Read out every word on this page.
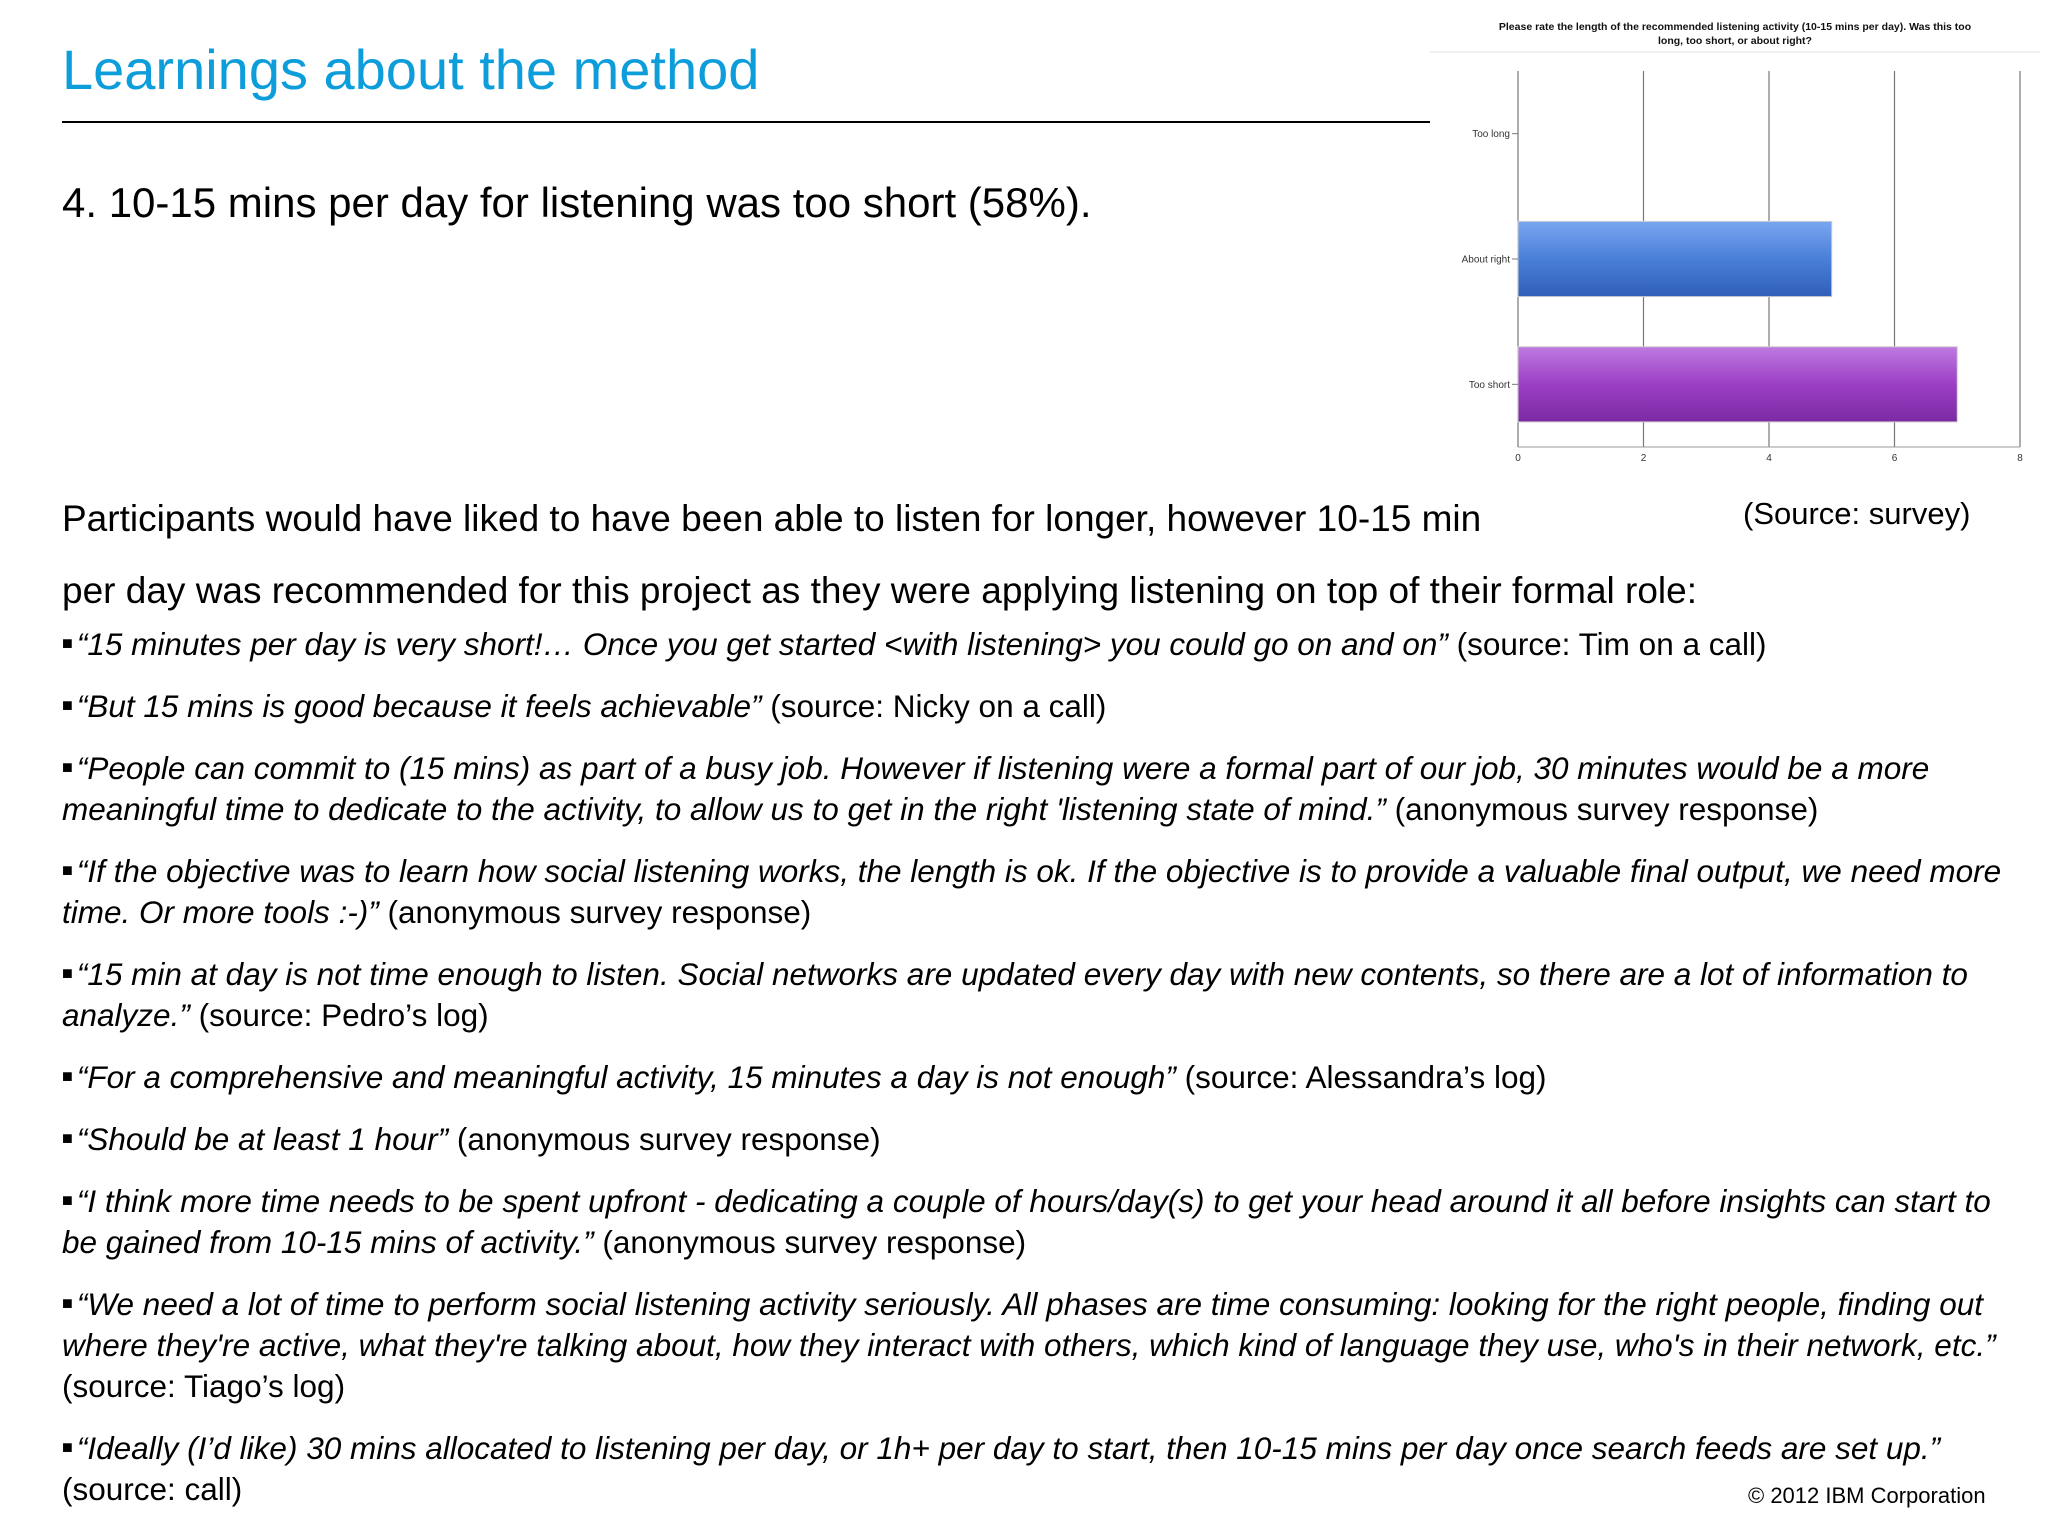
Learnings about the method
4. 10-15 mins per day for listening was too short (58%).
Please rate the length of the recommended listening activity (10-15 mins per day). Was this too
long, too short, or about right?
0	2	4	6	8
Too long
About right
Too short
Participants would have liked to have been able to listen for longer, however 10-15 min
per day was recommended for this project as they were applying listening on top of their formal role:
(Source: survey)
■ “15 minutes per day is very short!… Once you get started <with listening> you could go on and on” (source: Tim on a call)
■ “But 15 mins is good because it feels achievable” (source: Nicky on a call)
■ “People can commit to (15 mins) as part of a busy job. However if listening were a formal part of our job, 30 minutes would be a more meaningful time to dedicate to the activity, to allow us to get in the right 'listening state of mind.” (anonymous survey response)
■ “If the objective was to learn how social listening works, the length is ok. If the objective is to provide a valuable final output, we need more time. Or more tools :-)” (anonymous survey response)
■ “15 min at day is not time enough to listen. Social networks are updated every day with new contents, so there are a lot of information to analyze.” (source: Pedro’s log)
■ “For a comprehensive and meaningful activity, 15 minutes a day is not enough” (source: Alessandra’s log)
■ “Should be at least 1 hour” (anonymous survey response)
■ “I think more time needs to be spent upfront - dedicating a couple of hours/day(s) to get your head around it all before insights can start to be gained from 10-15 mins of activity.” (anonymous survey response)
■ “We need a lot of time to perform social listening activity seriously. All phases are time consuming: looking for the right people, finding out where they're active, what they're talking about, how they interact with others, which kind of language they use, who's in their network, etc.” (source: Tiago’s log)
■ “Ideally (I’d like) 30 mins allocated to listening per day, or 1h+ per day to start, then 10-15 mins per day once search feeds are set up.” (source: call)	© 2012 IBM Corporation
